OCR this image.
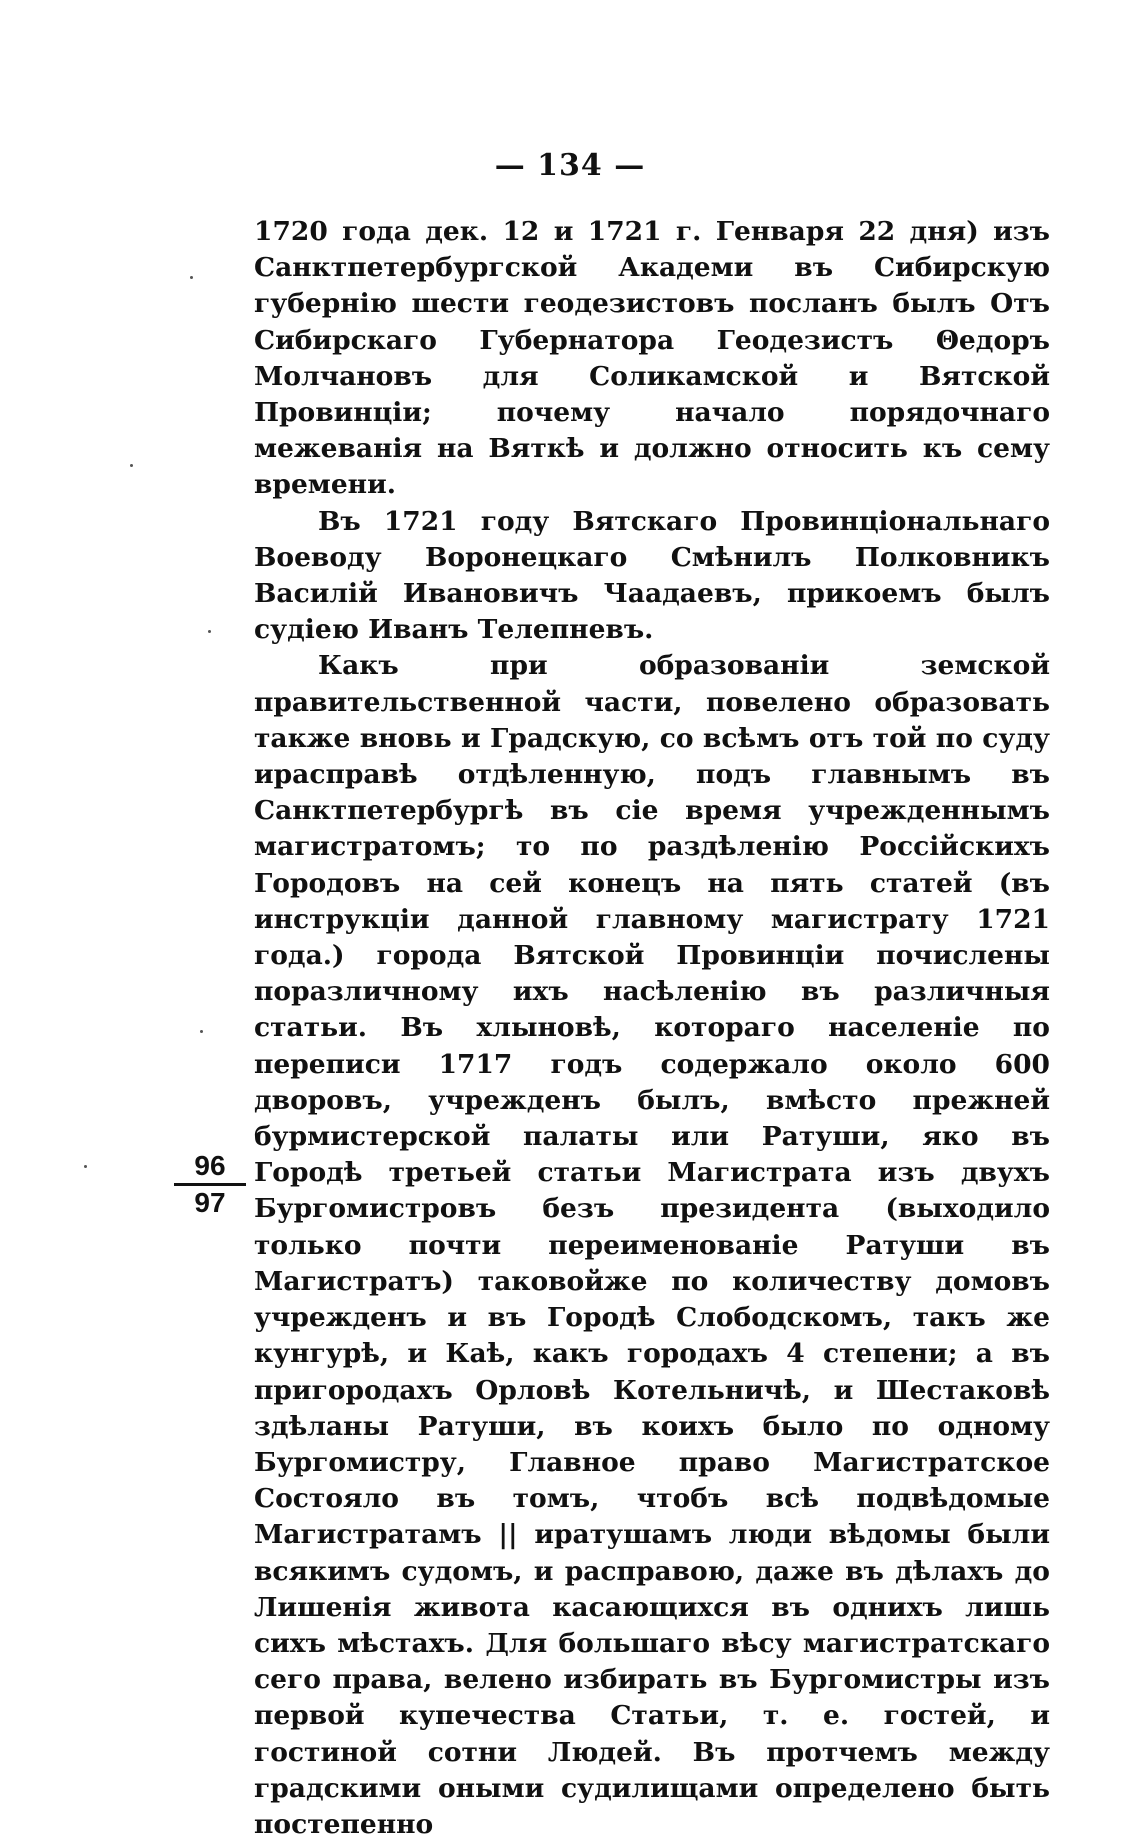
— 134 —

1720 года дек. 12 и 1721 г. Генваря 22 дня) изъ Санктпетербургской Академи въ Сибирскую губернію шести геодезистовъ посланъ былъ Отъ Сибирскаго Губернатора Геодезистъ Θедоръ Молчановъ для Соликамской и Вятской Провинціи; почему начало порядочнаго межеванія на Вяткѣ и должно относить къ сему времени.

Въ 1721 году Вятскаго Провинціональнаго Воеводу Воронецкаго Смѣнилъ Полковникъ Василій Ивановичъ Чаадаевъ, прикоемъ былъ судіею Иванъ Телепневъ.

Какъ при образованіи земской правительственной части, повелено образовать также вновь и Градскую, со всѣмъ отъ той по суду ирасправѣ отдѣленную, подъ главнымъ въ Санктпетербургѣ въ сіе время учрежденнымъ магистратомъ; то по раздѣленію Россійскихъ Городовъ на сей конецъ на пять статей (въ инструкціи данной главному магистрату 1721 года.) города Вятской Провинціи почислены поразличному ихъ насѣленію въ различныя статьи. Въ хлыновѣ, котораго населеніе по переписи 1717 годъ содержало около 600 дворовъ, учрежденъ былъ, вмѣсто прежней бурмистерской палаты или Ратуши, яко въ Городѣ третьей статьи Магистрата изъ двухъ Бургомистровъ безъ президента (выходило только почти переименованіе Ратуши въ Магистратъ) таковойже по количеству домовъ учрежденъ и въ Городѣ Слободскомъ, такъ же кунгурѣ, и Каѣ, какъ городахъ 4 степени; а въ пригородахъ Орловѣ Котельничѣ, и Шестаковѣ здѣланы Ратуши, въ коихъ было по одному Бургомистру, Главное право Магистратское Состояло въ томъ, чтобъ всѣ подвѣдомые Магистратамъ || иратушамъ люди вѣдомы были всякимъ судомъ, и расправою, даже въ дѣлахъ до Лишенія живота касающихся въ однихъ лишь сихъ мѣстахъ. Для большаго вѣсу магистратскаго сего права, велено избирать въ Бургомистры изъ первой купечества Статьи, т. е. гостей, и гостиной сотни Людей. Въ протчемъ между градскими оными судилищами определено быть постепенно

96
97
